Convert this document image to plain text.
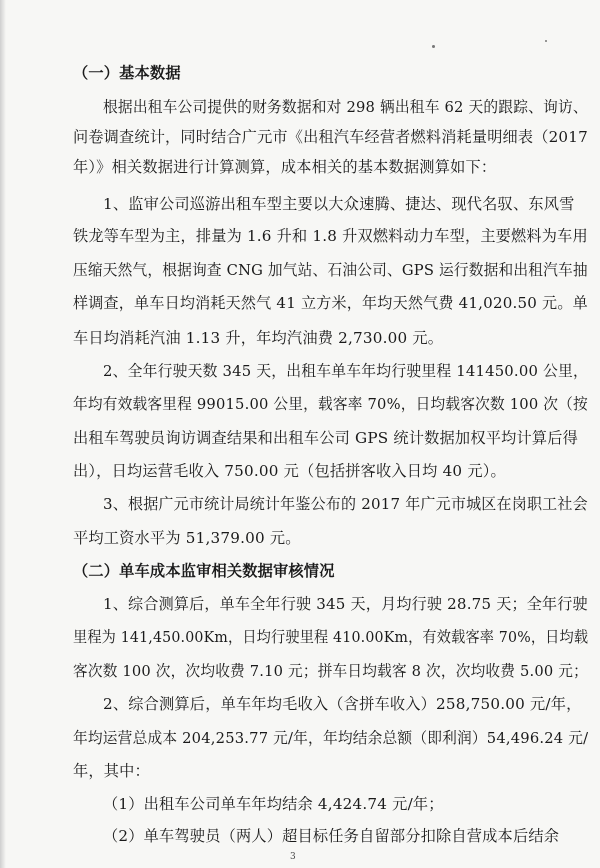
（一）基本数据
根据出租车公司提供的财务数据和对 298 辆出租车 62 天的跟踪、询访、
问卷调查统计，同时结合广元市《出租汽车经营者燃料消耗量明细表（2017
年）》相关数据进行计算测算，成本相关的基本数据测算如下：
1、监审公司巡游出租车型主要以大众速腾、捷达、现代名驭、东风雪
铁龙等车型为主，排量为 1.6 升和 1.8 升双燃料动力车型，主要燃料为车用
压缩天然气，根据询查 CNG 加气站、石油公司、GPS 运行数据和出租汽车抽
样调查，单车日均消耗天然气 41 立方米，年均天然气费 41,020.50 元。单
车日均消耗汽油 1.13 升，年均汽油费 2,730.00 元。
2、全年行驶天数 345 天，出租车单车年均行驶里程 141450.00 公里，
年均有效载客里程 99015.00 公里，载客率 70%，日均载客次数 100 次（按
出租车驾驶员询访调查结果和出租车公司 GPS 统计数据加权平均计算后得
出），日均运营毛收入 750.00 元（包括拼客收入日均 40 元）。
3、根据广元市统计局统计年鉴公布的 2017 年广元市城区在岗职工社会
平均工资水平为 51,379.00 元。
（二）单车成本监审相关数据审核情况
1、综合测算后，单车全年行驶 345 天，月均行驶 28.75 天；全年行驶
里程为 141,450.00Km，日均行驶里程 410.00Km，有效载客率 70%，日均载
客次数 100 次，次均收费 7.10 元；拼车日均载客 8 次，次均收费 5.00 元；
2、综合测算后，单车年均毛收入（含拼车收入）258,750.00 元/年，
年均运营总成本 204,253.77 元/年，年均结余总额（即利润）54,496.24 元/
年，其中：
（1）出租车公司单车年均结余 4,424.74 元/年；
（2）单车驾驶员（两人）超目标任务自留部分扣除自营成本后结余
3
